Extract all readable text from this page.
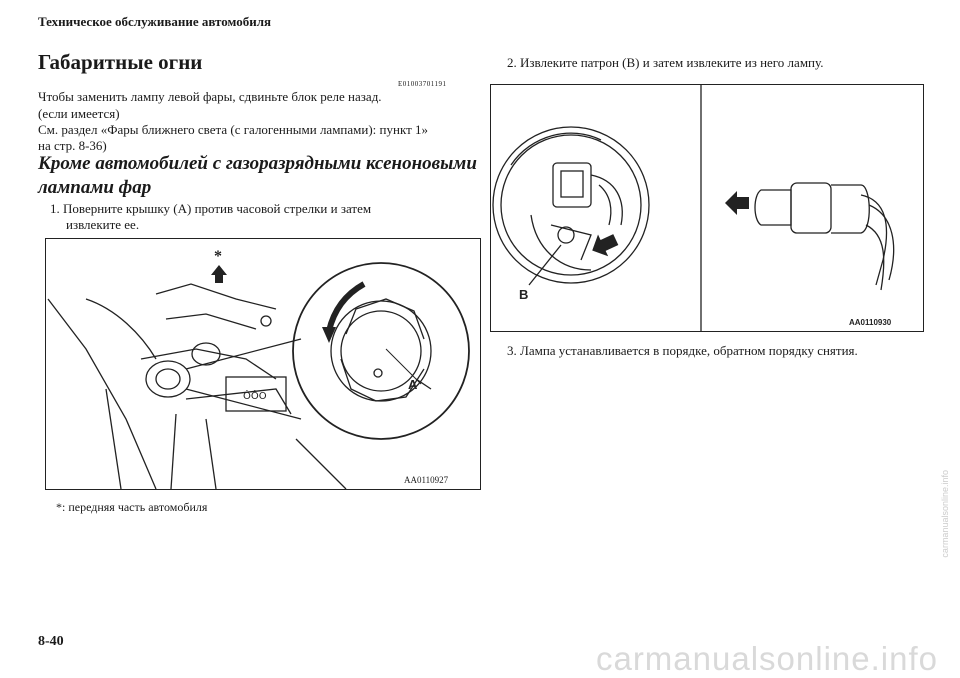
Техническое обслуживание автомобиля
Габаритные огни
E01003701191
Чтобы заменить лампу левой фары, сдвиньте блок реле назад.
(если имеется)
См. раздел «Фары ближнего света (с галогенными лампами): пункт 1»
на стр. 8-36)
Кроме автомобилей с газоразрядными ксеноновыми лампами фар
1. Поверните крышку (A) против часовой стрелки и затем
извлеките ее.
ȮȮȮ
*
A
AA0110927
*: передняя часть автомобиля
2. Извлеките патрон (B) и затем извлеките из него лампу.
B
AA0110930
3. Лампа устанавливается в порядке, обратном порядку снятия.
8-40
carmanualsonline.info
carmanualsonline.info
